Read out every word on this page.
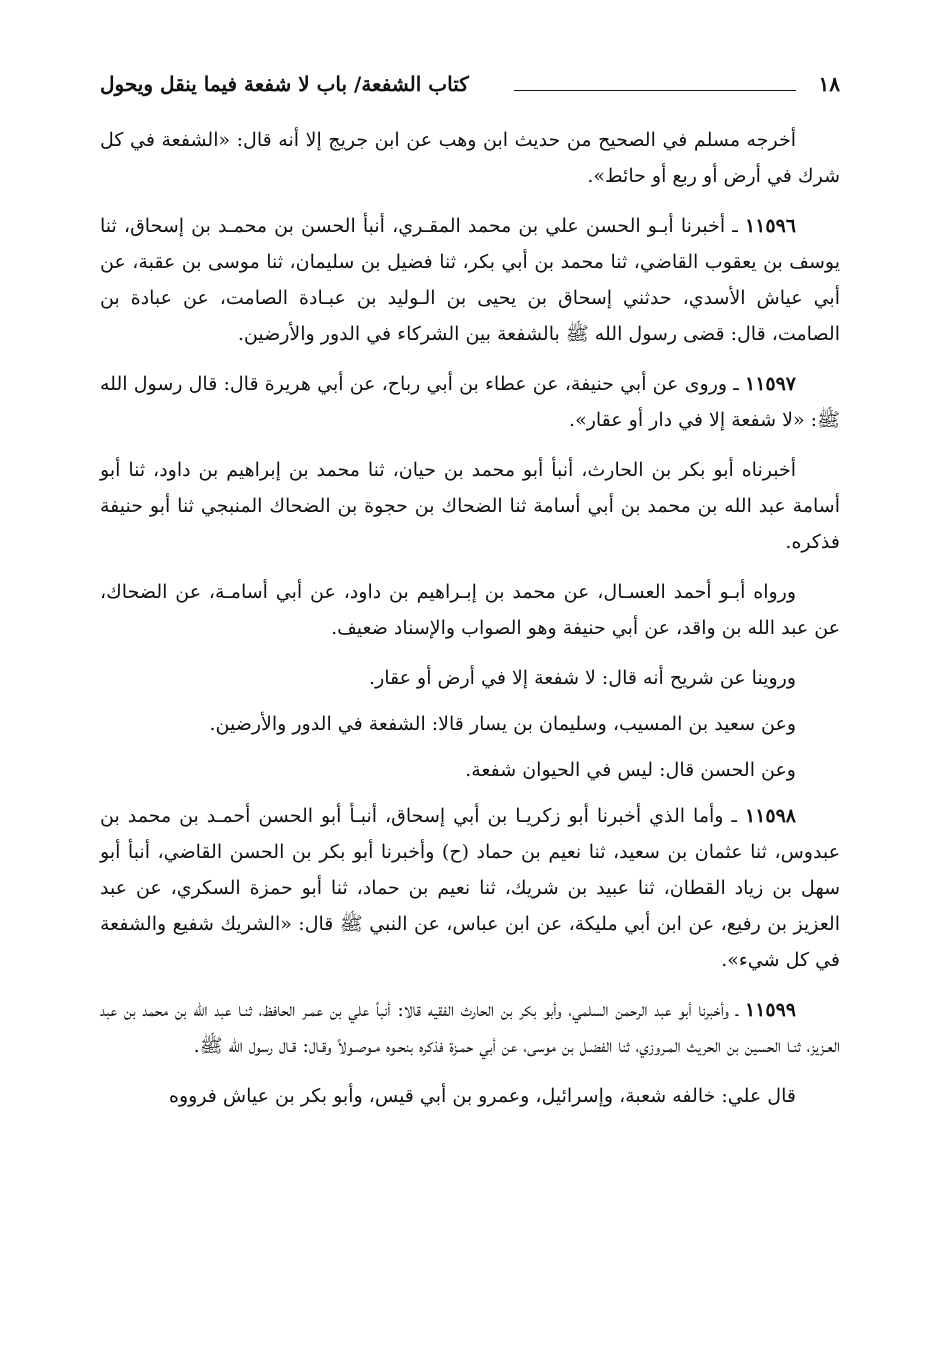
١٨
كتاب الشفعة/ باب لا شفعة فيما ينقل ويحول

أخرجه مسلم في الصحيح من حديث ابن وهب عن ابن جريج إلا أنه قال: «الشفعة في كل شرك في أرض أو ربع أو حائط».

١١٥٩٦ ـ أخبرنا أبـو الحسن علي بن محمد المقـري، أنبأ الحسن بن محمـد بن إسحاق، ثنا يوسف بن يعقوب القاضي، ثنا محمد بن أبي بكر، ثنا فضيل بن سليمان، ثنا موسى بن عقبة، عن أبي عياش الأسدي، حدثني إسحاق بن يحيى بن الـوليد بن عبـادة الصامت، عن عبادة بن الصامت، قال: قضى رسول الله ﷺ بالشفعة بين الشركاء في الدور والأرضين.

١١٥٩٧ ـ وروى عن أبي حنيفة، عن عطاء بن أبي رباح، عن أبي هريرة قال: قال رسول الله ﷺ: «لا شفعة إلا في دار أو عقار».

أخبرناه أبو بكر بن الحارث، أنبأ أبو محمد بن حيان، ثنا محمد بن إبراهيم بن داود، ثنا أبو أسامة عبد الله بن محمد بن أبي أسامة ثنا الضحاك بن حجوة بن الضحاك المنبجي ثنا أبو حنيفة فذكره.

ورواه أبـو أحمد العسـال، عن محمد بن إبـراهيم بن داود، عن أبي أسامـة، عن الضحاك، عن عبد الله بن واقد، عن أبي حنيفة وهو الصواب والإسناد ضعيف.

وروينا عن شريح أنه قال: لا شفعة إلا في أرض أو عقار.

وعن سعيد بن المسيب، وسليمان بن يسار قالا: الشفعة في الدور والأرضين.

وعن الحسن قال: ليس في الحيوان شفعة.

١١٥٩٨ ـ وأما الذي أخبرنا أبو زكريـا بن أبي إسحاق، أنبـأ أبو الحسن أحمـد بن محمد بن عبدوس، ثنا عثمان بن سعيد، ثنا نعيم بن حماد (ح) وأخبرنا أبو بكر بن الحسن القاضي، أنبأ أبو سهل بن زياد القطان، ثنا عبيد بن شريك، ثنا نعيم بن حماد، ثنا أبو حمزة السكري، عن عبد العزيز بن رفيع، عن ابن أبي مليكة، عن ابن عباس، عن النبي ﷺ قال: «الشريك شفيع والشفعة في كل شيء».

١١٥٩٩ ـ وأخبرنا أبو عبد الرحمن السلمي، وأبو بكر بن الحارث الفقيه قالا: أنبأ علي بن عمـر الحافظ، ثنـا عبد الله بن محمد بن عبد العـزيز، ثنـا الحسين بن الحريث المـروزي، ثنا الفضـل بن موسى، عن أبي حمـزة فذكره بنحـوه مـوصـولاً وقـال: قـال رسول الله ﷺ.

قال علي: خالفه شعبة، وإسرائيل، وعمرو بن أبي قيس، وأبو بكر بن عياش فرووه
